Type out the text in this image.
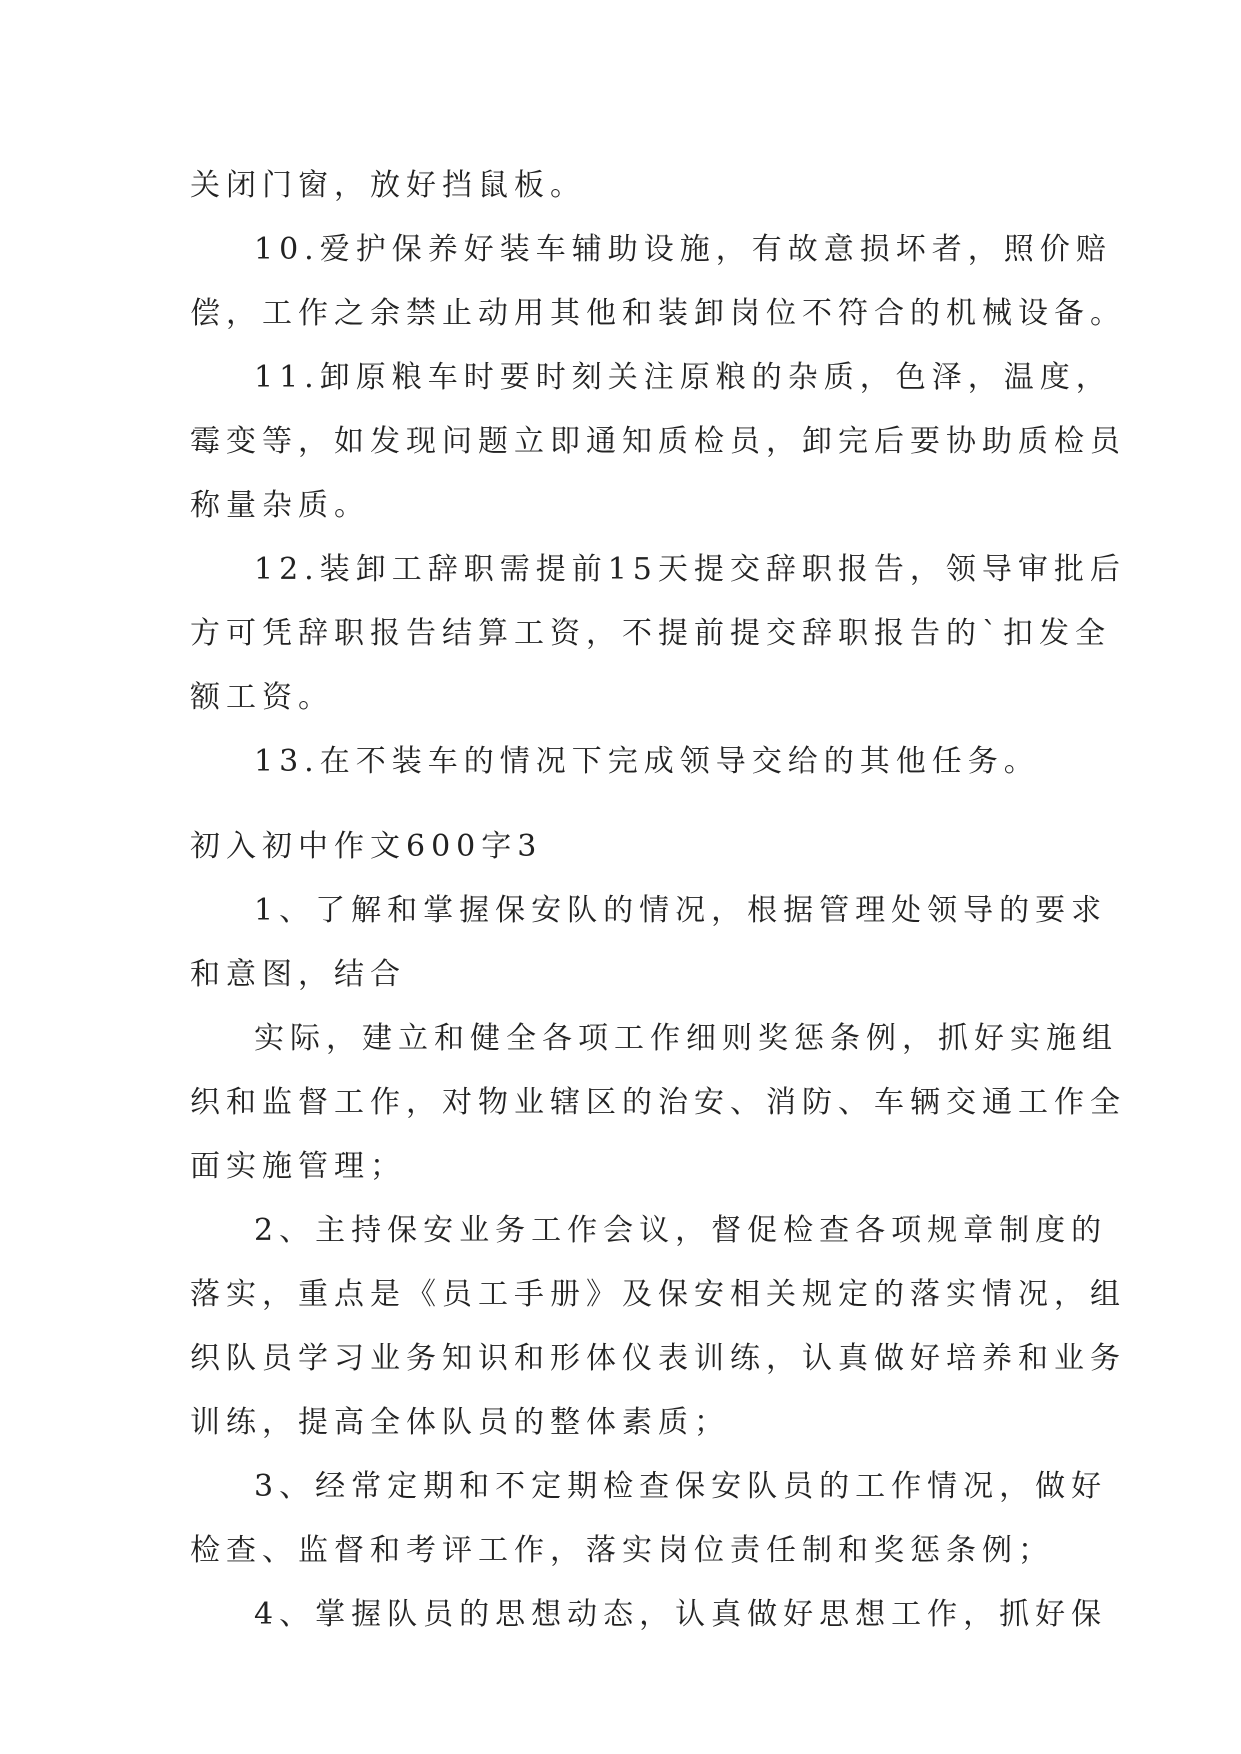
关闭门窗，放好挡鼠板。
10.爱护保养好装车辅助设施，有故意损坏者，照价赔
偿，工作之余禁止动用其他和装卸岗位不符合的机械设备。
11.卸原粮车时要时刻关注原粮的杂质，色泽，温度，
霉变等，如发现问题立即通知质检员，卸完后要协助质检员
称量杂质。
12.装卸工辞职需提前15天提交辞职报告，领导审批后
方可凭辞职报告结算工资，不提前提交辞职报告的`扣发全
额工资。
13.在不装车的情况下完成领导交给的其他任务。
初入初中作文600字3
1、了解和掌握保安队的情况，根据管理处领导的要求
和意图，结合
实际，建立和健全各项工作细则奖惩条例，抓好实施组
织和监督工作，对物业辖区的治安、消防、车辆交通工作全
面实施管理；
2、主持保安业务工作会议，督促检查各项规章制度的
落实，重点是《员工手册》及保安相关规定的落实情况，组
织队员学习业务知识和形体仪表训练，认真做好培养和业务
训练，提高全体队员的整体素质；
3、经常定期和不定期检查保安队员的工作情况，做好
检查、监督和考评工作，落实岗位责任制和奖惩条例；
4、掌握队员的思想动态，认真做好思想工作，抓好保
